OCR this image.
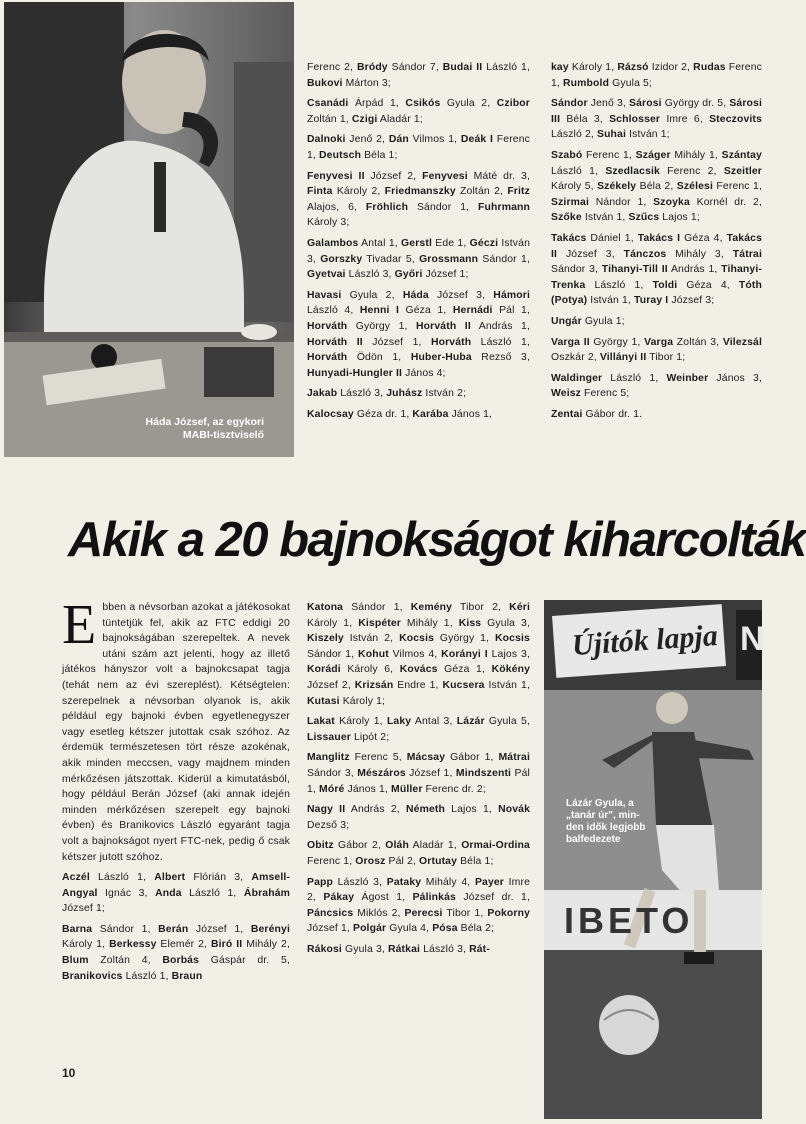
Háda József, az egykori
MABI-tisztviselő

Ferenc 2, Bródy Sándor 7, Budai II László 1, Bukovi Márton 3;

Csanádi Árpád 1, Csikós Gyula 2, Czibor Zoltán 1, Czigi Aladár 1;

Dalnoki Jenő 2, Dán Vilmos 1, Deák I Ferenc 1, Deutsch Béla 1;

Fenyvesi II József 2, Fenyvesi Máté dr. 3, Finta Károly 2, Friedmanszky Zoltán 2, Fritz Alajos, 6, Fröhlich Sándor 1, Fuhrmann Károly 3;

Galambos Antal 1, Gerstl Ede 1, Géczi István 3, Gorszky Tivadar 5, Grossmann Sándor 1, Gyetvai László 3, Győri József 1;

Havasi Gyula 2, Háda József 3, Hámori László 4, Henni I Géza 1, Hernádi Pál 1, Horváth György 1, Horváth II András 1, Horváth II József 1, Horváth László 1, Horváth Ödön 1, Huber-Huba Rezső 3, Hunyadi-Hungler II János 4;

Jakab László 3, Juhász István 2;

Kalocsay Géza dr. 1, Karába János 1,

kay Károly 1, Rázsó Izidor 2, Rudas Ferenc 1, Rumbold Gyula 5;

Sándor Jenő 3, Sárosi György dr. 5, Sárosi III Béla 3, Schlosser Imre 6, Steczovits László 2, Suhai István 1;

Szabó Ferenc 1, Száger Mihály 1, Szántay László 1, Szedlacsik Ferenc 2, Szeitler Károly 5, Székely Béla 2, Szélesi Ferenc 1, Szirmai Nándor 1, Szoyka Kornél dr. 2, Szőke István 1, Szűcs Lajos 1;

Takács Dániel 1, Takács I Géza 4, Takács II József 3, Tánczos Mihály 3, Tátrai Sándor 3, Tihanyi-Till II András 1, Tihanyi-Trenka László 1, Toldi Géza 4, Tóth (Potya) István 1, Turay I József 3;

Ungár Gyula 1;

Varga II György 1, Varga Zoltán 3, Vilezsál Oszkár 2, Villányi II Tibor 1;

Waldinger László 1, Weinber János 3, Weisz Ferenc 5;

Zentai Gábor dr. 1.

Akik a 20 bajnokságot kiharcolták

Ebben a névsorban azokat a játékosokat tüntetjük fel, akik az FTC eddigi 20 bajnokságában szerepeltek. A nevek utáni szám azt jelenti, hogy az illető játékos hányszor volt a bajnokcsapat tagja (tehát nem az évi szereplést). Kétségtelen: szerepelnek a névsorban olyanok is, akik például egy bajnoki évben egyetlenegyszer vagy esetleg kétszer jutottak csak szóhoz. Az érdemük természetesen tört része azokénak, akik minden meccsen, vagy majdnem minden mérkőzésen játszottak. Kiderül a kimutatásból, hogy például Berán József (aki annak idején minden mérkőzésen szerepelt egy bajnoki évben) és Branikovics László egyaránt tagja volt a bajnokságot nyert FTC-nek, pedig ő csak kétszer jutott szóhoz.

Aczél László 1, Albert Flórián 3, Amsell-Angyal Ignác 3, Anda László 1, Ábrahám József 1;

Barna Sándor 1, Berán József 1, Berényi Károly 1, Berkessy Elemér 2, Biró II Mihály 2, Blum Zoltán 4, Borbás Gáspár dr. 5, Branikovics László 1, Braun

Katona Sándor 1, Kemény Tibor 2, Kéri Károly 1, Kispéter Mihály 1, Kiss Gyula 3, Kiszely István 2, Kocsis György 1, Kocsis Sándor 1, Kohut Vilmos 4, Korányi I Lajos 3, Korádi Károly 6, Kovács Géza 1, Kökény József 2, Krizsán Endre 1, Kucsera István 1, Kutasi Károly 1;

Lakat Károly 1, Laky Antal 3, Lázár Gyula 5, Lissauer Lipót 2;

Manglitz Ferenc 5, Mácsay Gábor 1, Mátrai Sándor 3, Mészáros József 1, Mindszenti Pál 1, Móré János 1, Müller Ferenc dr. 2;

Nagy II András 2, Németh Lajos 1, Novák Dezső 3;

Obitz Gábor 2, Oláh Aladár 1, Ormai-Ordina Ferenc 1, Orosz Pál 2, Ortutay Béla 1;

Papp László 3, Pataky Mihály 4, Payer Imre 2, Pákay Ágost 1, Pálinkás József dr. 1, Páncsics Miklós 2, Perecsi Tibor 1, Pokorny József 1, Polgár Gyula 4, Pósa Béla 2;

Rákosi Gyula 3, Rátkai László 3, Rát-

Újítók lapja N
IBETO
Lázár Gyula, a
„tanár úr", min-
den idők legjobb
balfedezete
10
